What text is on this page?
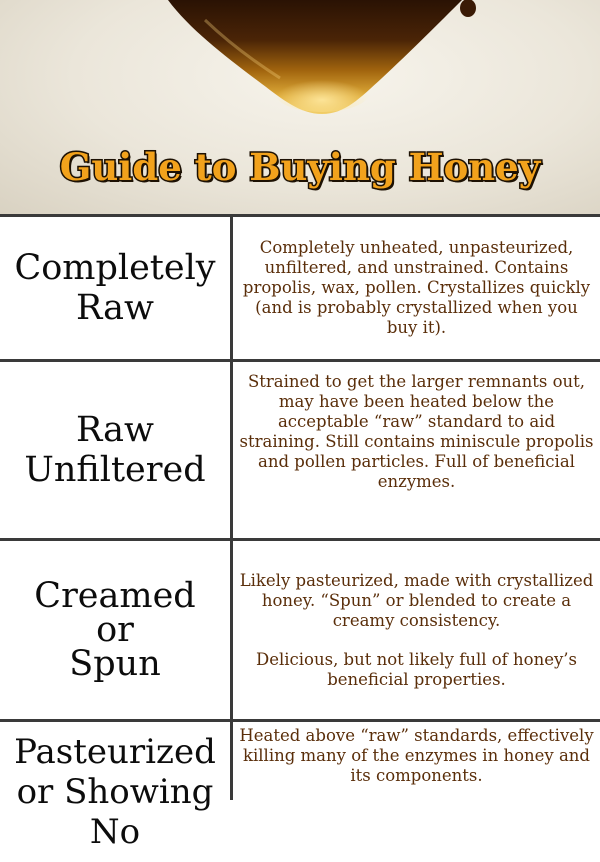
Guide to Buying Honey
Completely
Raw

Completely unheated, unpasteurized, unfiltered, and unstrained. Contains propolis, wax, pollen. Crystallizes quickly (and is probably crystallized when you buy it).

Raw
Unfiltered

Strained to get the larger remnants out, may have been heated below the acceptable “raw” standard to aid straining. Still contains miniscule propolis and pollen particles. Full of beneficial enzymes.

Creamed
or
Spun

Likely pasteurized, made with crystallized honey. “Spun” or blended to create a creamy consistency.

Delicious, but not likely full of honey’s beneficial properties.

Pasteurized
or Showing No

Heated above “raw” standards, effectively killing many of the enzymes in honey and its components.
